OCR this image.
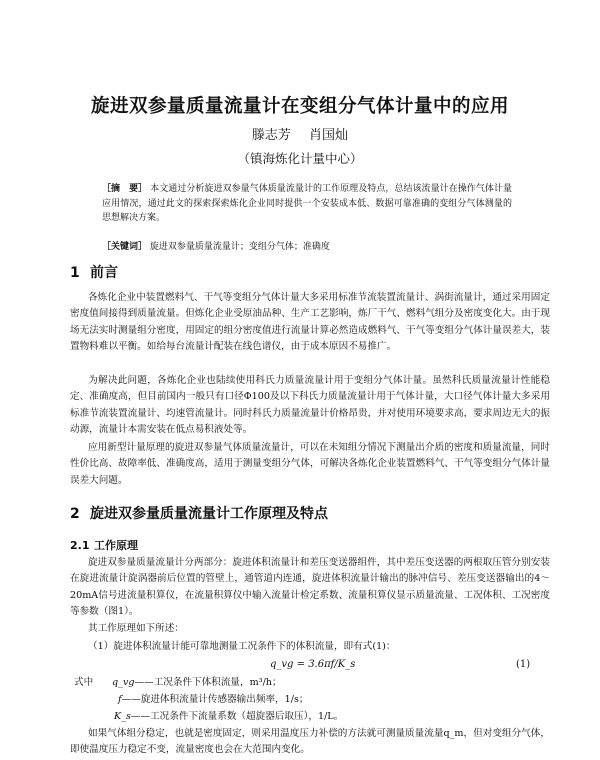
旋进双参量质量流量计在变组分气体计量中的应用
滕志芳 肖国灿
（镇海炼化计量中心）
［摘　要］ 本文通过分析旋进双参量气体质量流量计的工作原理及特点，总结该流量计在操作气体计量应用情况，通过此文的探索探索炼化企业同时提供一个安装成本低、数据可靠准确的变组分气体测量的思想解决方案。
［关键词］ 旋进双参量质量流量计；变组分气体；准确度
1 前言
各炼化企业中装置燃料气、干气等变组分气体计量大多采用标准节流装置流量计、涡街流量计，通过采用固定密度值间接得到质量流量。但炼化企业受原油品种、生产工艺影响，炼厂干气、燃料气组分及密度变化大。由于现场无法实时测量组分密度，用固定的组分密度值进行流量计算必然造成燃料气、干气等变组分气体计量误差大，装置物料难以平衡。如给每台流量计配装在线色谱仪，由于成本原因不易推广。
为解决此问题，各炼化企业也陆续使用科氏力质量流量计用于变组分气体计量。虽然科氏质量流量计性能稳定、准确度高，但目前国内一般只有口径Φ100及以下科氏力质量流量计用于气体计量，大口径气体计量大多采用标准节流装置流量计、均速管流量计。同时科氏力质量流量计价格昂贵，并对使用环境要求高，要求周边无大的振动源，流量计本需安装在低点易积液处等。
应用新型计量原理的旋进双参量气体质量流量计，可以在未知组分情况下测量出介质的密度和质量流量，同时性价比高、故障率低、准确度高，适用于测量变组分气体，可解决各炼化企业装置燃料气、干气等变组分气体计量误差大问题。
2 旋进双参量质量流量计工作原理及特点
2.1 工作原理
旋进双参量质量流量计分两部分：旋进体积流量计和差压变送器组件，其中差压变送器的两根取压管分别安装在旋进流量计旋涡器前后位置的管壁上，通管道内连通，旋进体积流量计输出的脉冲信号、差压变送器输出的4～20mA信号进流量积算仪，在流量积算仪中输入流量计检定系数、流量积算仪显示质量流量、工况体积、工况密度等参数（图1）。
其工作原理如下所述：
（1）旋进体积流量计能可靠地测量工况条件下的体积流量，即有式(1)：
q_vg = 3.6πf/K_s	(1)
式中 q_vg——工况条件下体积流量，m³/h；
f——旋进体积流量计传感器输出频率，1/s；
K_s——工况条件下流量系数（超旋器后取压），1/L。
如果气体组分稳定，也就是密度固定，则采用温度压力补偿的方法就可测量质量流量q_m，但对变组分气体，即使温度压力稳定不变，流量密度也会在大范围内变化。
